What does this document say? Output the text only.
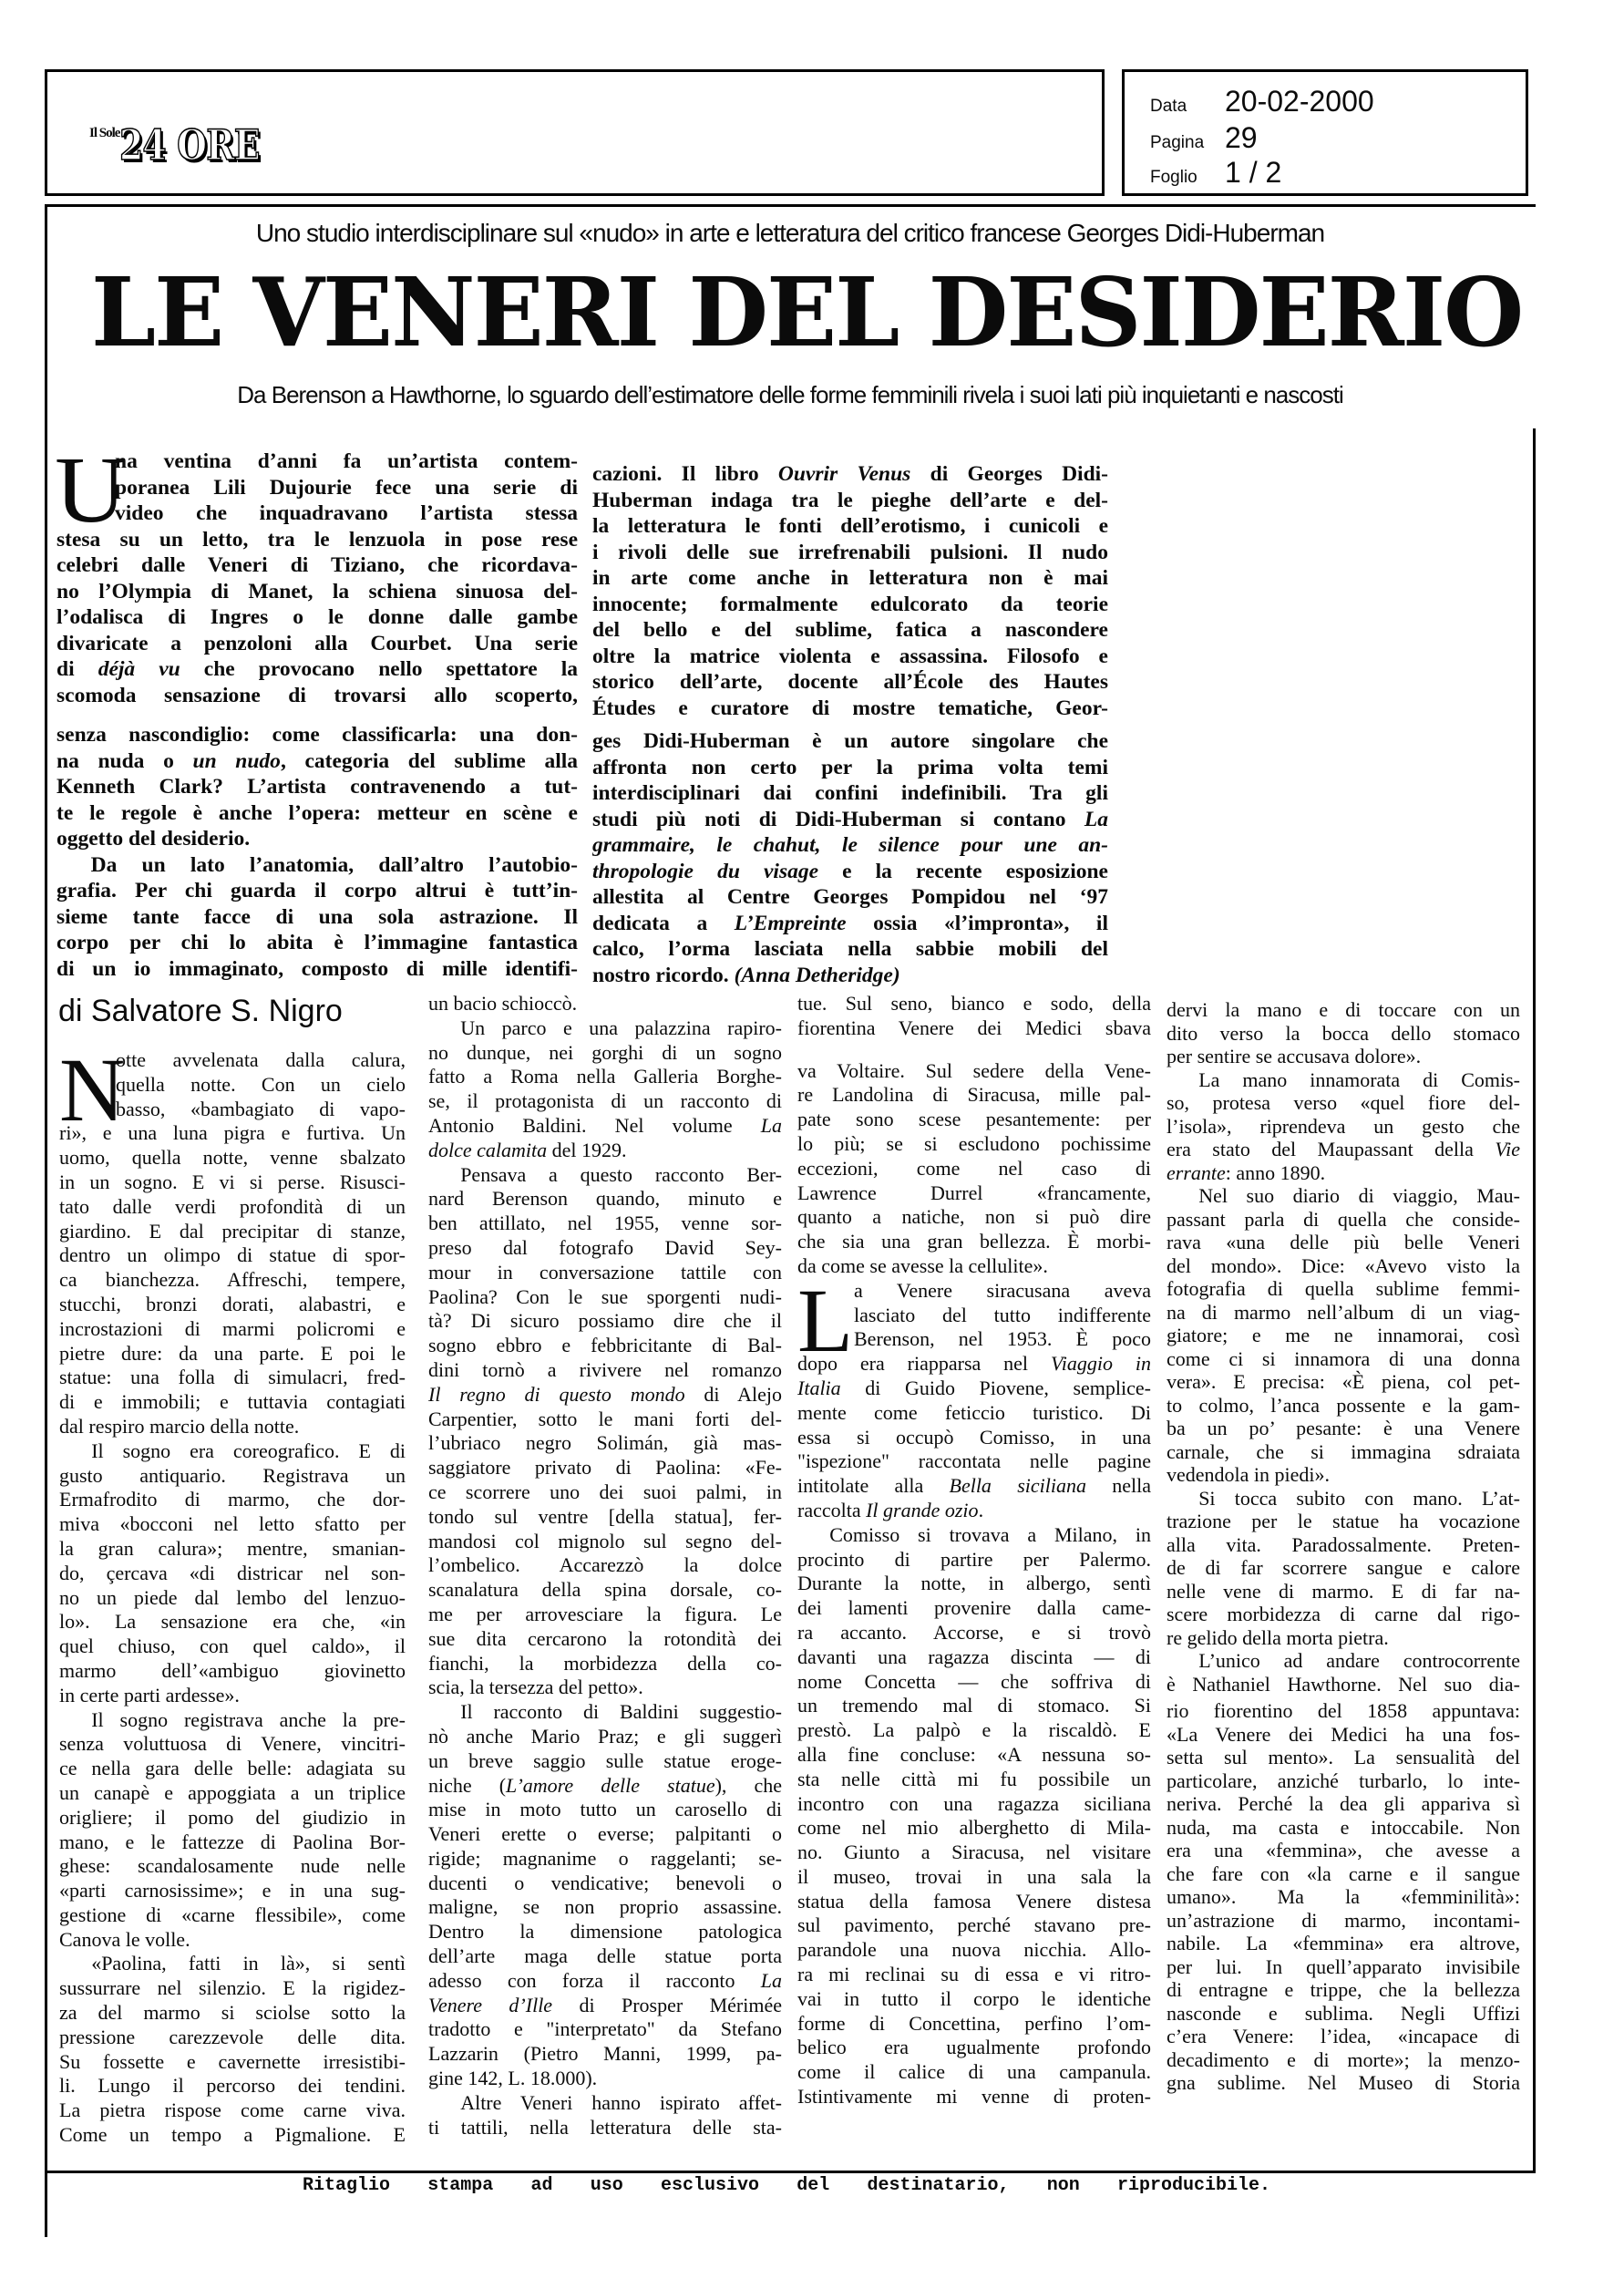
Il Sole24 ORE
Data 20-02-2000
Pagina 29
Foglio 1 / 2
Uno studio interdisciplinare sul «nudo» in arte e letteratura del critico francese Georges Didi-Huberman
LE VENERI DEL DESIDERIO
Da Berenson a Hawthorne, lo sguardo dell’estimatore delle forme femminili rivela i suoi lati più inquietanti e nascosti
U
na ventina d’anni fa un’artista contem-
poranea Lili Dujourie fece una serie di
video che inquadravano l’artista stessa
stesa su un letto, tra le lenzuola in pose rese
celebri dalle Veneri di Tiziano, che ricordava-
no l’Olympia di Manet, la schiena sinuosa del-
l’odalisca di Ingres o le donne dalle gambe
divaricate a penzoloni alla Courbet. Una serie
di déjà vu che provocano nello spettatore la
scomoda sensazione di trovarsi allo scoperto,
senza nascondiglio: come classificarla: una don-
na nuda o un nudo, categoria del sublime alla
Kenneth Clark? L’artista contravenendo a tut-
te le regole è anche l’opera: metteur en scène e
oggetto del desiderio.
Da un lato l’anatomia, dall’altro l’autobio-
grafia. Per chi guarda il corpo altrui è tutt’in-
sieme tante facce di una sola astrazione. Il
corpo per chi lo abita è l’immagine fantastica
di un io immaginato, composto di mille identifi-
cazioni. Il libro Ouvrir Venus di Georges Didi-
Huberman indaga tra le pieghe dell’arte e del-
la letteratura le fonti dell’erotismo, i cunicoli e
i rivoli delle sue irrefrenabili pulsioni. Il nudo
in arte come anche in letteratura non è mai
innocente; formalmente edulcorato da teorie
del bello e del sublime, fatica a nascondere
oltre la matrice violenta e assassina. Filosofo e
storico dell’arte, docente all’École des Hautes
Études e curatore di mostre tematiche, Geor-
ges Didi-Huberman è un autore singolare che
affronta non certo per la prima volta temi
interdisciplinari dai confini indefinibili. Tra gli
studi più noti di Didi-Huberman si contano La
grammaire, le chahut, le silence pour une an-
thropologie du visage e la recente esposizione
allestita al Centre Georges Pompidou nel ‘97
dedicata a L’Empreinte ossia «l’impronta», il
calco, l’orma lasciata nella sabbie mobili del
nostro ricordo. (Anna Detheridge)
di Salvatore S. Nigro
N
otte avvelenata dalla calura,
quella notte. Con un cielo
basso, «bambagiato di vapo-
ri», e una luna pigra e furtiva. Un
uomo, quella notte, venne sbalzato
in un sogno. E vi si perse. Risusci-
tato dalle verdi profondità di un
giardino. E dal precipitar di stanze,
dentro un olimpo di statue di spor-
ca bianchezza. Affreschi, tempere,
stucchi, bronzi dorati, alabastri, e
incrostazioni di marmi policromi e
pietre dure: da una parte. E poi le
statue: una folla di simulacri, fred-
di e immobili; e tuttavia contagiati
dal respiro marcio della notte.
Il sogno era coreografico. E di
gusto antiquario. Registrava un
Ermafrodito di marmo, che dor-
miva «bocconi nel letto sfatto per
la gran calura»; mentre, smanian-
do, çercava «di districar nel son-
no un piede dal lembo del lenzuo-
lo». La sensazione era che, «in
quel chiuso, con quel caldo», il
marmo dell’«ambiguo giovinetto
in certe parti ardesse».
Il sogno registrava anche la pre-
senza voluttuosa di Venere, vincitri-
ce nella gara delle belle: adagiata su
un canapè e appoggiata a un triplice
origliere; il pomo del giudizio in
mano, e le fattezze di Paolina Bor-
ghese: scandalosamente nude nelle
«parti carnosissime»; e in una sug-
gestione di «carne flessibile», come
Canova le volle.
«Paolina, fatti in là», si sentì
sussurrare nel silenzio. E la rigidez-
za del marmo si sciolse sotto la
pressione carezzevole delle dita.
Su fossette e cavernette irresistibi-
li. Lungo il percorso dei tendini.
La pietra rispose come carne viva.
Come un tempo a Pigmalione. E
un bacio schioccò.
Un parco e una palazzina rapiro-
no dunque, nei gorghi di un sogno
fatto a Roma nella Galleria Borghe-
se, il protagonista di un racconto di
Antonio Baldini. Nel volume La
dolce calamita del 1929.
Pensava a questo racconto Ber-
nard Berenson quando, minuto e
ben attillato, nel 1955, venne sor-
preso dal fotografo David Sey-
mour in conversazione tattile con
Paolina? Con le sue sporgenti nudi-
tà? Di sicuro possiamo dire che il
sogno ebbro e febbricitante di Bal-
dini tornò a rivivere nel romanzo
Il regno di questo mondo di Alejo
Carpentier, sotto le mani forti del-
l’ubriaco negro Solimán, già mas-
saggiatore privato di Paolina: «Fe-
ce scorrere uno dei suoi palmi, in
tondo sul ventre [della statua], fer-
mandosi col mignolo sul segno del-
l’ombelico. Accarezzò la dolce
scanalatura della spina dorsale, co-
me per arrovesciare la figura. Le
sue dita cercarono la rotondità dei
fianchi, la morbidezza della co-
scia, la tersezza del petto».
Il racconto di Baldini suggestio-
nò anche Mario Praz; e gli suggerì
un breve saggio sulle statue eroge-
niche (L’amore delle statue), che
mise in moto tutto un carosello di
Veneri erette o everse; palpitanti o
rigide; magnanime o raggelanti; se-
ducenti o vendicative; benevoli o
maligne, se non proprio assassine.
Dentro la dimensione patologica
dell’arte maga delle statue porta
adesso con forza il racconto La
Venere d’Ille di Prosper Mérimée
tradotto e "interpretato" da Stefano
Lazzarin (Pietro Manni, 1999, pa-
gine 142, L. 18.000).
Altre Veneri hanno ispirato affet-
ti tattili, nella letteratura delle sta-
tue. Sul seno, bianco e sodo, della
fiorentina Venere dei Medici sbava
va Voltaire. Sul sedere della Vene-
re Landolina di Siracusa, mille pal-
pate sono scese pesantemente: per
lo più; se si escludono pochissime
eccezioni, come nel caso di
Lawrence Durrel «francamente,
quanto a natiche, non si può dire
che sia una gran bellezza. È morbi-
da come se avesse la cellulite».
L a Venere siracusana aveva
lasciato del tutto indifferente
Berenson, nel 1953. È poco
dopo era riapparsa nel Viaggio in
Italia di Guido Piovene, semplice-
mente come feticcio turistico. Di
essa si occupò Comisso, in una
"ispezione" raccontata nelle pagine
intitolate alla Bella siciliana nella
raccolta Il grande ozio.
Comisso si trovava a Milano, in
procinto di partire per Palermo.
Durante la notte, in albergo, sentì
dei lamenti provenire dalla came-
ra accanto. Accorse, e si trovò
davanti una ragazza discinta — di
nome Concetta — che soffriva di
un tremendo mal di stomaco. Si
prestò. La palpò e la riscaldò. E
alla fine concluse: «A nessuna so-
sta nelle città mi fu possibile un
incontro con una ragazza siciliana
come nel mio alberghetto di Mila-
no. Giunto a Siracusa, nel visitare
il museo, trovai in una sala la
statua della famosa Venere distesa
sul pavimento, perché stavano pre-
parandole una nuova nicchia. Allo-
ra mi reclinai su di essa e vi ritro-
vai in tutto il corpo le identiche
forme di Concettina, perfino l’om-
belico era ugualmente profondo
come il calice di una campanula.
Istintivamente mi venne di proten-
dervi la mano e di toccare con un
dito verso la bocca dello stomaco
per sentire se accusava dolore».
La mano innamorata di Comis-
so, protesa verso «quel fiore del-
l’isola», riprendeva un gesto che
era stato del Maupassant della Vie
errante: anno 1890.
Nel suo diario di viaggio, Mau-
passant parla di quella che conside-
rava «una delle più belle Veneri
del mondo». Dice: «Avevo visto la
fotografia di quella sublime femmi-
na di marmo nell’album di un viag-
giatore; e me ne innamorai, così
come ci si innamora di una donna
vera». E precisa: «È piena, col pet-
to colmo, l’anca possente e la gam-
ba un po’ pesante: è una Venere
carnale, che si immagina sdraiata
vedendola in piedi».
Si tocca subito con mano. L’at-
trazione per le statue ha vocazione
alla vita. Paradossalmente. Preten-
de di far scorrere sangue e calore
nelle vene di marmo. E di far na-
scere morbidezza di carne dal rigo-
re gelido della morta pietra.
L’unico ad andare controcorrente
è Nathaniel Hawthorne. Nel suo dia-
rio fiorentino del 1858 appuntava:
«La Venere dei Medici ha una fos-
setta sul mento». La sensualità del
particolare, anziché turbarlo, lo inte-
neriva. Perché la dea gli appariva sì
nuda, ma casta e intoccabile. Non
era una «femmina», che avesse a
che fare con «la carne e il sangue
umano». Ma la «femminilità»:
un’astrazione di marmo, incontami-
nabile. La «femmina» era altrove,
per lui. In quell’apparato invisibile
di entragne e trippe, che la bellezza
nasconde e sublima. Negli Uffizi
c’era Venere: l’idea, «incapace di
decadimento e di morte»; la menzo-
gna sublime. Nel Museo di Storia
Ritaglio stampa ad uso esclusivo del destinatario, non riproducibile.
